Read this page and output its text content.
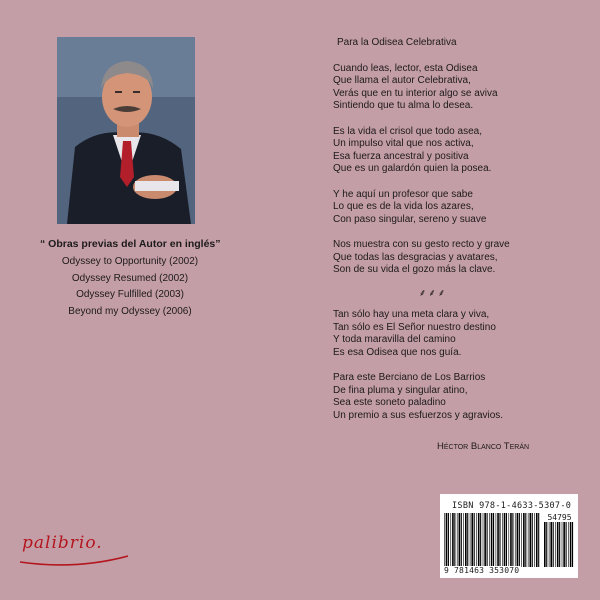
“ Obras previas del Autor en inglés”
Odyssey to Opportunity (2002)
Odyssey Resumed (2002)
Odyssey Fulfilled (2003)
Beyond my Odyssey (2006)
Para la Odisea Celebrativa
Cuando leas, lector, esta Odisea
Que llama el autor Celebrativa,
Verás que en tu interior algo se aviva
Sintiendo que tu alma lo desea.
Es la vida el crisol que todo asea,
Un impulso vital que nos activa,
Esa fuerza ancestral y positiva
Que es un galardón quien la posea.
Y he aquí un profesor que sabe
Lo que es de la vida los azares,
Con paso singular, sereno y suave
Nos muestra con su gesto recto y grave
Que todas las desgracias y avatares,
Son de su vida el gozo más la clave.
⸙⸙⸙
Tan sólo hay una meta clara y viva,
Tan sólo es El Señor nuestro destino
Y toda maravilla del camino
Es esa Odisea que nos guía.
Para este Berciano de Los Barrios
De fina pluma y singular atino,
Sea este soneto paladino
Un premio a sus esfuerzos y agravios.
Héctor Blanco Terán
ISBN 978-1-4633-5307-0
54795
9 781463 353070
palibrio.
